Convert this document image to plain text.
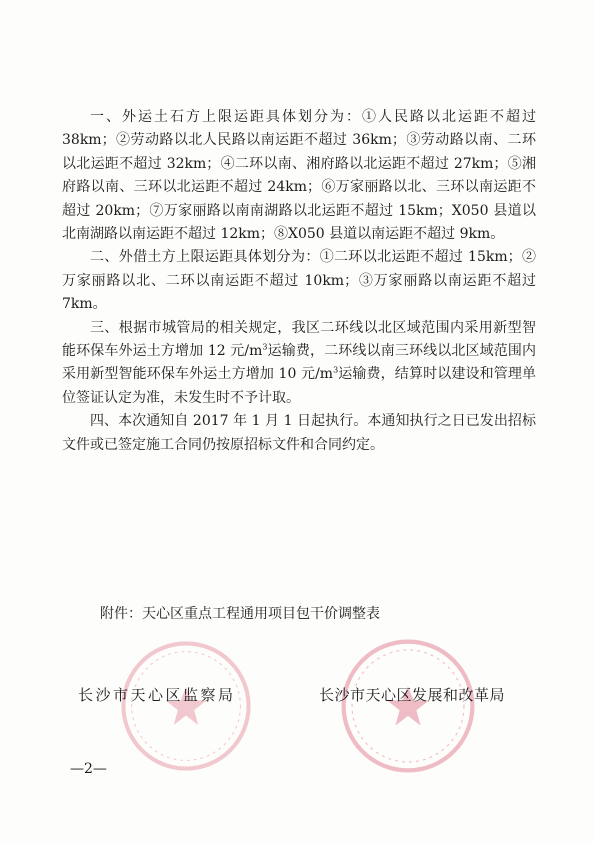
一、外运土石方上限运距具体划分为：①人民路以北运距不超过 38km；②劳动路以北人民路以南运距不超过 36km；③劳动路以南、二环以北运距不超过 32km；④二环以南、湘府路以北运距不超过 27km；⑤湘府路以南、三环以北运距不超过 24km；⑥万家丽路以北、三环以南运距不超过 20km；⑦万家丽路以南南湖路以北运距不超过 15km；X050 县道以北南湖路以南运距不超过 12km；⑧X050 县道以南运距不超过 9km。

二、外借土方上限运距具体划分为：①二环以北运距不超过 15km；②万家丽路以北、二环以南运距不超过 10km；③万家丽路以南运距不超过 7km。

三、根据市城管局的相关规定，我区二环线以北区域范围内采用新型智能环保车外运土方增加 12 元$/m^3$运输费，二环线以南三环线以北区域范围内采用新型智能环保车外运土方增加 10 元$/m^3$运输费，结算时以建设和管理单位签证认定为准，未发生时不予计取。

四、本次通知自 2017 年 1 月 1 日起执行。本通知执行之日已发出招标文件或已签定施工合同仍按原招标文件和合同约定。

附件：天心区重点工程通用项目包干价调整表
长沙市天心区监察局	长沙市天心区发展和改革局
—2—
